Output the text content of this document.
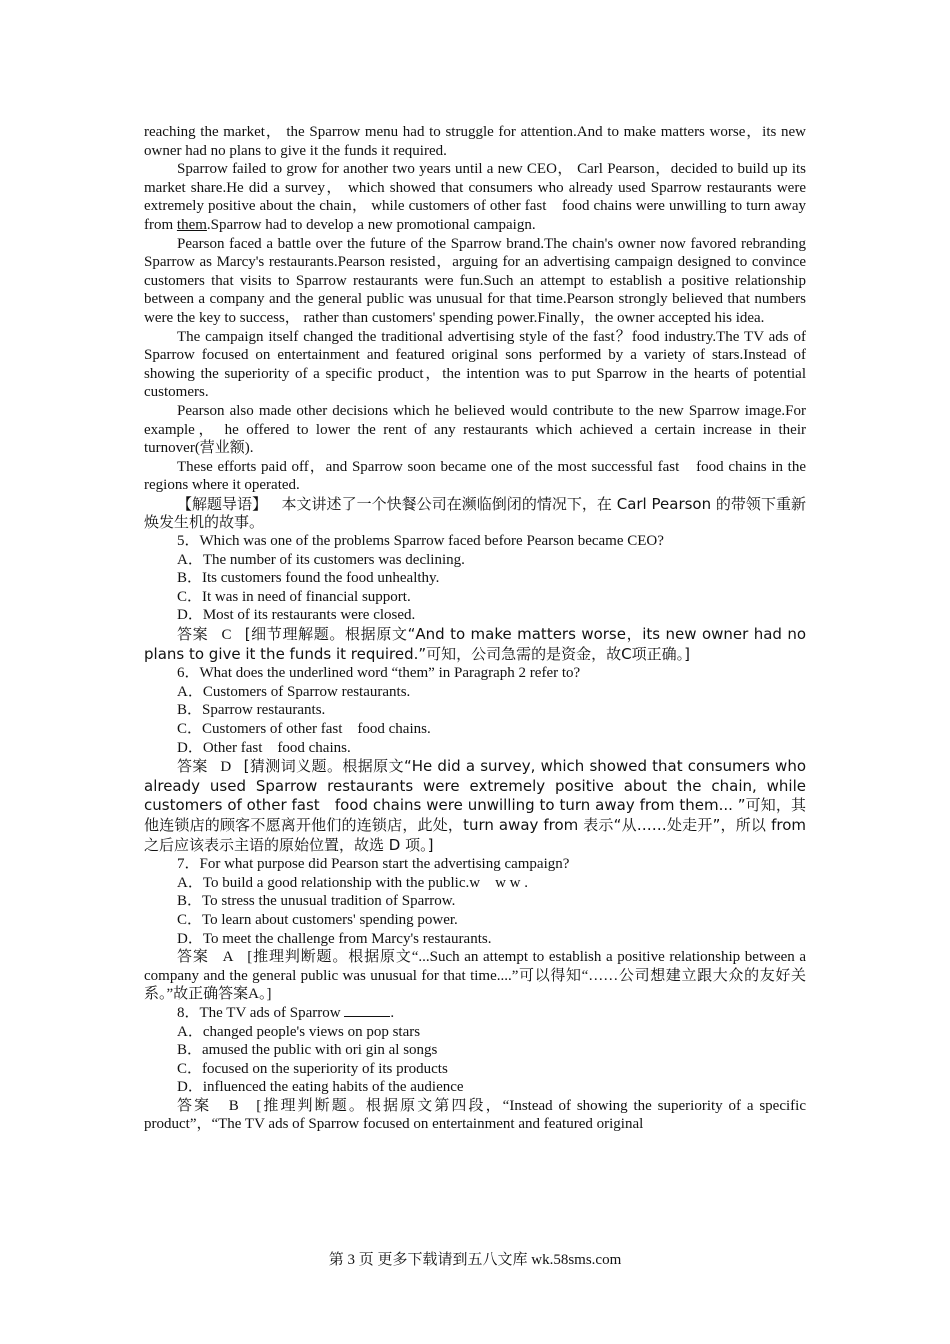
reaching the market， the Sparrow menu had to struggle for attention.And to make matters worse，its new owner had no plans to give it the funds it required.

Sparrow failed to grow for another two years until a new CEO， Carl Pearson，decided to build up its market share.He did a survey， which showed that consumers who already used Sparrow restaurants were extremely positive about the chain， while customers of other fast　food chains were unwilling to turn away from them.Sparrow had to develop a new promotional campaign.

Pearson faced a battle over the future of the Sparrow brand.The chain's owner now favored rebranding Sparrow as Marcy's restaurants.Pearson resisted，arguing for an advertising campaign designed to convince customers that visits to Sparrow restaurants were fun.Such an attempt to establish a positive relationship between a company and the general public was unusual for that time.Pearson strongly believed that numbers were the key to success， rather than customers' spending power.Finally，the owner accepted his idea.

The campaign itself changed the traditional advertising style of the fast？food industry.The TV ads of Sparrow focused on entertainment and featured original sons performed by a variety of stars.Instead of showing the superiority of a specific product，the intention was to put Sparrow in the hearts of potential customers.

Pearson also made other decisions which he believed would contribute to the new Sparrow image.For example， he offered to lower the rent of any restaurants which achieved a certain increase in their turnover(营业额).

These efforts paid off，and Sparrow soon became one of the most successful fast　food chains in the regions where it operated.

【解题导语】 本文讲述了一个快餐公司在濒临倒闭的情况下，在 Carl Pearson 的带领下重新焕发生机的故事。

5．Which was one of the problems Sparrow faced before Pearson became CEO?

A．The number of its customers was declining.

B．Its customers found the food unhealthy.

C．It was in need of financial support.

D．Most of its restaurants were closed.

答案 C [细节理解题。根据原文“And to make matters worse，its new owner had no plans to give it the funds it required.”可知，公司急需的是资金，故C项正确。]

6．What does the underlined word “them” in Paragraph 2 refer to?

A．Customers of Sparrow restaurants.

B．Sparrow restaurants.

C．Customers of other fast　food chains.

D．Other fast　food chains.

答案 D [猜测词义题。根据原文“He did a survey, which showed that consumers who already used Sparrow restaurants were extremely positive about the chain, while customers of other fast　food chains were unwilling to turn away from them... ”可知，其他连锁店的顾客不愿离开他们的连锁店，此处，turn away from 表示“从……处走开”，所以 from 之后应该表示主语的原始位置，故选 D 项。]

7．For what purpose did Pearson start the advertising campaign?

A．To build a good relationship with the public.w　w w .

B．To stress the unusual tradition of Sparrow.

C．To learn about customers' spending power.

D．To meet the challenge from Marcy's restaurants.

答案 A [推理判断题。根据原文“...Such an attempt to establish a positive relationship between a company and the general public was unusual for that time....”可以得知“……公司想建立跟大众的友好关系。”故正确答案A。]

8．The TV ads of Sparrow	.

A．changed people's views on pop stars

B．amused the public with ori gin al songs

C．focused on the superiority of its products

D．influenced the eating habits of the audience

答案 B [推理判断题。根据原文第四段，“Instead of showing the superiority of a specific product”，“The TV ads of Sparrow focused on entertainment and featured original

第 3 页 更多下载请到五八文库 wk.58sms.com
